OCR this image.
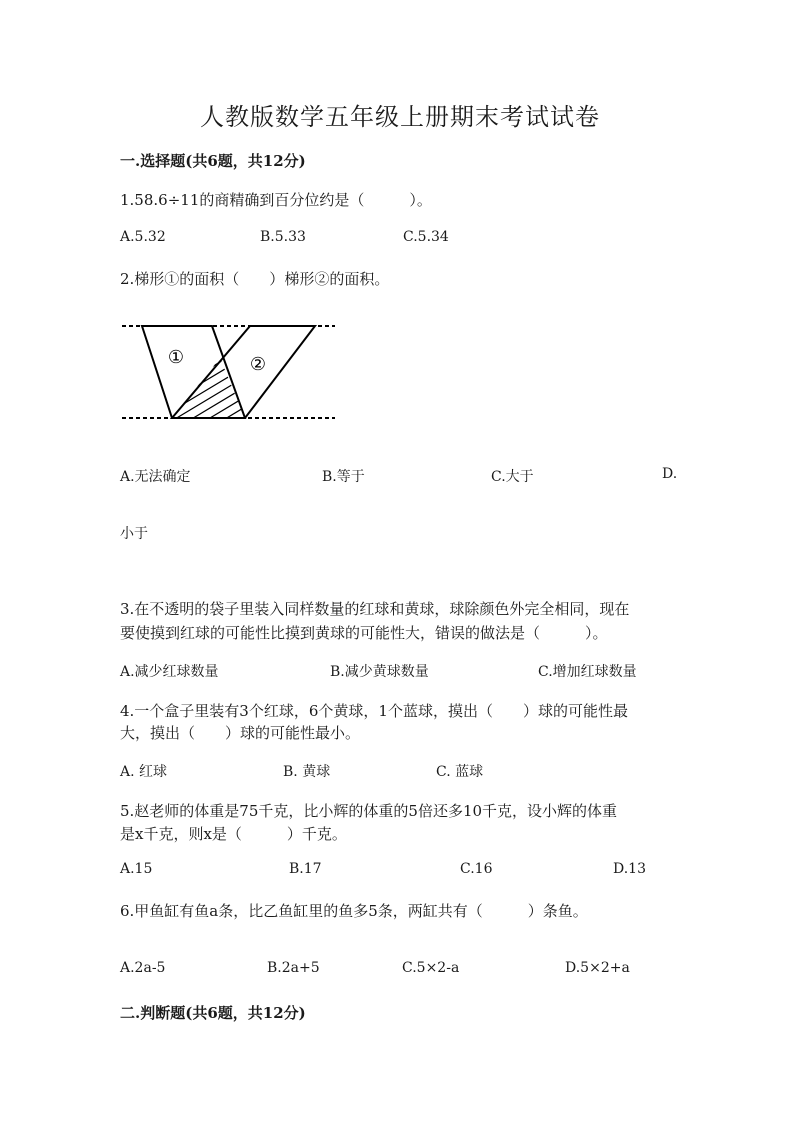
人教版数学五年级上册期末考试试卷
一.选择题(共6题，共12分)
1.58.6÷11的商精确到百分位约是（　　　）。
A.5.32	B.5.33	C.5.34
2.梯形①的面积（　　）梯形②的面积。
①	②
A.无法确定	B.等于	C.大于	D.
小于
3.在不透明的袋子里装入同样数量的红球和黄球，球除颜色外完全相同，现在
要使摸到红球的可能性比摸到黄球的可能性大，错误的做法是（　　　）。
A.减少红球数量	B.减少黄球数量	C.增加红球数量
4.一个盒子里装有3个红球，6个黄球，1个蓝球，摸出（　　）球的可能性最
大，摸出（　　）球的可能性最小。
A. 红球	B. 黄球	C. 蓝球
5.赵老师的体重是75千克，比小辉的体重的5倍还多10千克，设小辉的体重
是x千克，则x是（　　　）千克。
A.15	B.17	C.16	D.13
6.甲鱼缸有鱼a条，比乙鱼缸里的鱼多5条，两缸共有（　　　）条鱼。
A.2a-5	B.2a+5	C.5×2-a	D.5×2+a
二.判断题(共6题，共12分)
